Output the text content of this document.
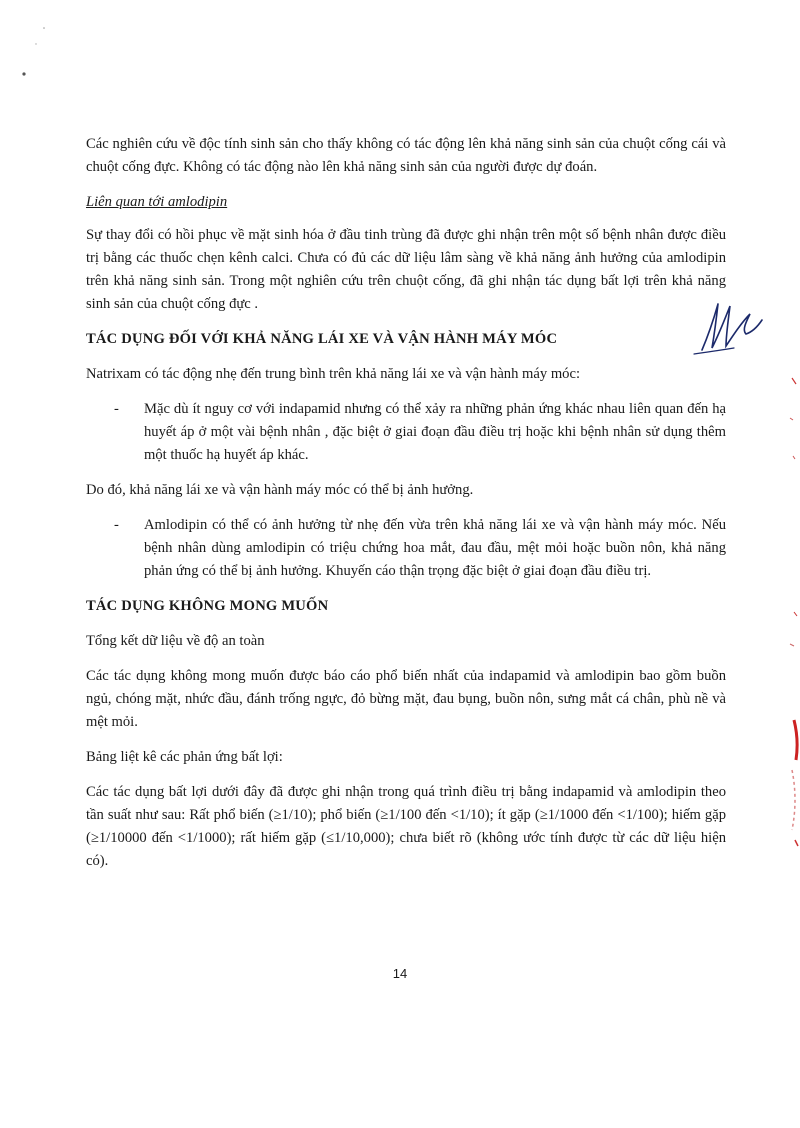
Các nghiên cứu về độc tính sinh sản cho thấy không có tác động lên khả năng sinh sản của chuột cống cái và chuột cống đực. Không có tác động nào lên khả năng sinh sản của người được dự đoán.

Liên quan tới amlodipin

Sự thay đổi có hồi phục về mặt sinh hóa ở đầu tinh trùng đã được ghi nhận trên một số bệnh nhân được điều trị bằng các thuốc chẹn kênh calci. Chưa có đủ các dữ liệu lâm sàng về khả năng ảnh hưởng của amlodipin trên khả năng sinh sản. Trong một nghiên cứu trên chuột cống, đã ghi nhận tác dụng bất lợi trên khả năng sinh sản của chuột cống đực .

TÁC DỤNG ĐỐI VỚI KHẢ NĂNG LÁI XE VÀ VẬN HÀNH MÁY MÓC

Natrixam có tác động nhẹ đến trung bình trên khả năng lái xe và vận hành máy móc:

- Mặc dù ít nguy cơ với indapamid nhưng có thể xảy ra những phản ứng khác nhau liên quan đến hạ huyết áp ở một vài bệnh nhân , đặc biệt ở giai đoạn đầu điều trị hoặc khi bệnh nhân sử dụng thêm một thuốc hạ huyết áp khác.

Do đó, khả năng lái xe và vận hành máy móc có thể bị ảnh hưởng.

- Amlodipin có thể có ảnh hưởng từ nhẹ đến vừa trên khả năng lái xe và vận hành máy móc. Nếu bệnh nhân dùng amlodipin có triệu chứng hoa mắt, đau đầu, mệt mỏi hoặc buồn nôn, khả năng phản ứng có thể bị ảnh hưởng. Khuyến cáo thận trọng đặc biệt ở giai đoạn đầu điều trị.
TÁC DỤNG KHÔNG MONG MUỐN

Tổng kết dữ liệu về độ an toàn

Các tác dụng không mong muốn được báo cáo phổ biến nhất của indapamid và amlodipin bao gồm buồn ngủ, chóng mặt, nhức đầu, đánh trống ngực, đỏ bừng mặt, đau bụng, buồn nôn, sưng mắt cá chân, phù nề và mệt mỏi.

Bảng liệt kê các phản ứng bất lợi:

Các tác dụng bất lợi dưới đây đã được ghi nhận trong quá trình điều trị bằng indapamid và amlodipin theo tần suất như sau: Rất phổ biến (≥1/10); phổ biến (≥1/100 đến <1/10); ít gặp (≥1/1000 đến <1/100); hiếm gặp (≥1/10000 đến <1/1000); rất hiếm gặp (≤1/10,000); chưa biết rõ (không ước tính được từ các dữ liệu hiện có).

14
